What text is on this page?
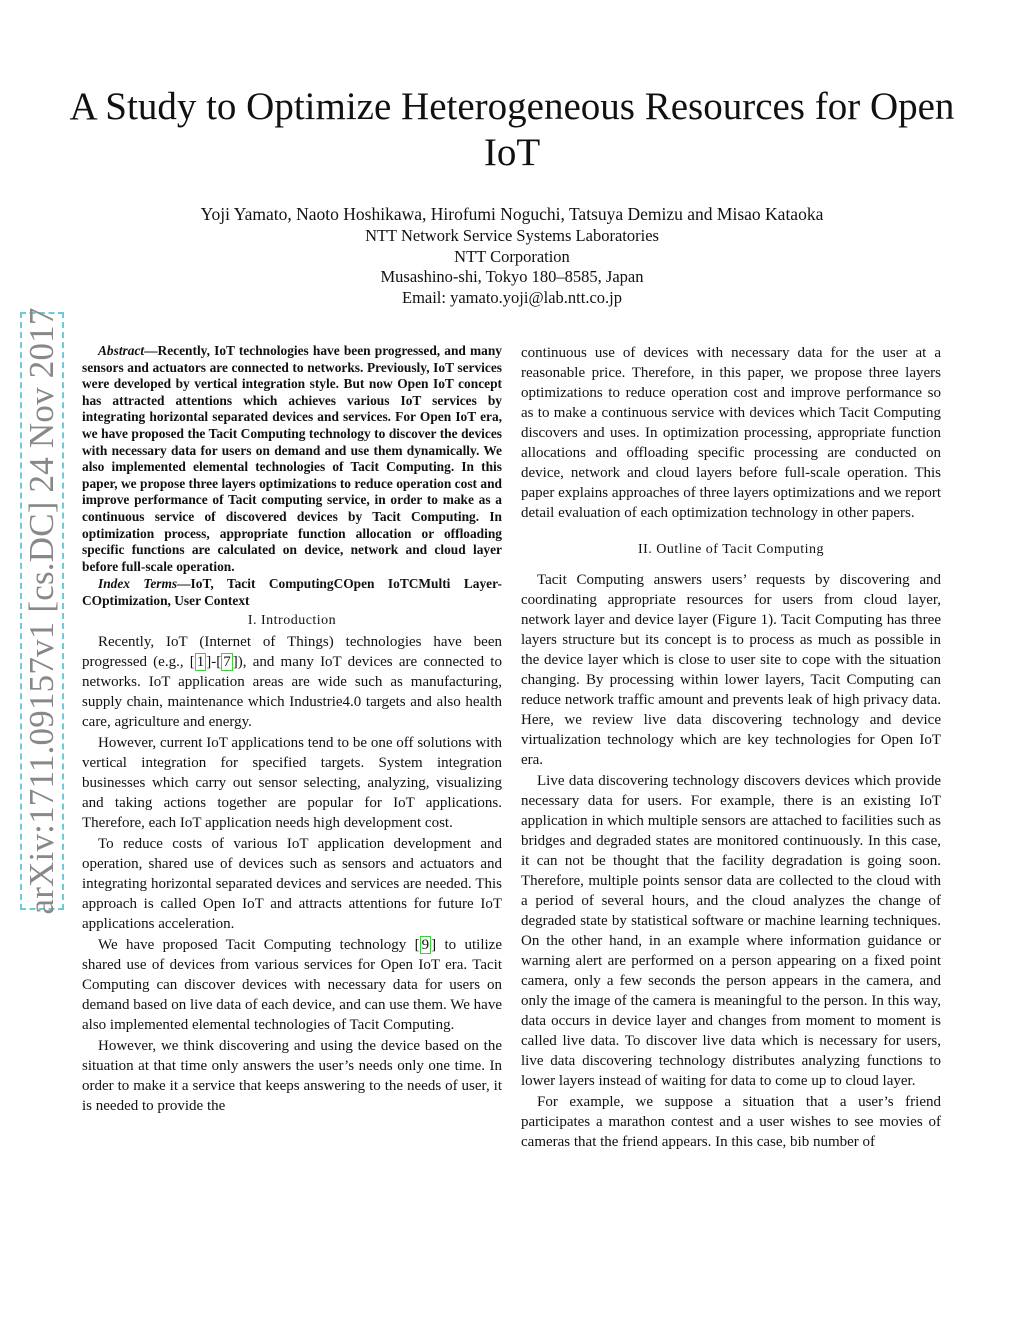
A Study to Optimize Heterogeneous Resources for Open IoT
Yoji Yamato, Naoto Hoshikawa, Hirofumi Noguchi, Tatsuya Demizu and Misao Kataoka
NTT Network Service Systems Laboratories
NTT Corporation
Musashino-shi, Tokyo 180–8585, Japan
Email: yamato.yoji@lab.ntt.co.jp
arXiv:1711.09157v1 [cs.DC] 24 Nov 2017	Abstract—Recently, IoT technologies have been progressed, and many sensors and actuators are connected to networks. Previously, IoT services were developed by vertical integration style. But now Open IoT concept has attracted attentions which achieves various IoT services by integrating horizontal separated devices and services. For Open IoT era, we have proposed the Tacit Computing technology to discover the devices with necessary data for users on demand and use them dynamically. We also implemented elemental technologies of Tacit Computing. In this paper, we propose three layers optimizations to reduce operation cost and improve performance of Tacit computing service, in order to make as a continuous service of discovered devices by Tacit Computing. In optimization process, appropriate function allocation or offloading specific functions are calculated on device, network and cloud layer before full-scale operation.

Index Terms—IoT, Tacit ComputingCOpen IoTCMulti Layer-COptimization, User Context

I. Introduction

Recently, IoT (Internet of Things) technologies have been progressed (e.g., [ 1 ]-[ 7 ]), and many IoT devices are connected to networks. IoT application areas are wide such as manufacturing, supply chain, maintenance which Industrie4.0 targets and also health care, agriculture and energy.

However, current IoT applications tend to be one off solutions with vertical integration for specified targets. System integration businesses which carry out sensor selecting, analyzing, visualizing and taking actions together are popular for IoT applications. Therefore, each IoT application needs high development cost.

To reduce costs of various IoT application development and operation, shared use of devices such as sensors and actuators and integrating horizontal separated devices and services are needed. This approach is called Open IoT and attracts attentions for future IoT applications acceleration.

We have proposed Tacit Computing technology [ 9 ] to utilize shared use of devices from various services for Open IoT era. Tacit Computing can discover devices with necessary data for users on demand based on live data of each device, and can use them. We have also implemented elemental technologies of Tacit Computing.

However, we think discovering and using the device based on the situation at that time only answers the user’s needs only one time. In order to make it a service that keeps answering to the needs of user, it is needed to provide the

continuous use of devices with necessary data for the user at a reasonable price. Therefore, in this paper, we propose three layers optimizations to reduce operation cost and improve performance so as to make a continuous service with devices which Tacit Computing discovers and uses. In optimization processing, appropriate function allocations and offloading specific processing are conducted on device, network and cloud layers before full-scale operation. This paper explains approaches of three layers optimizations and we report detail evaluation of each optimization technology in other papers.

II. Outline of Tacit Computing

Tacit Computing answers users’ requests by discovering and coordinating appropriate resources for users from cloud layer, network layer and device layer (Figure 1). Tacit Computing has three layers structure but its concept is to process as much as possible in the device layer which is close to user site to cope with the situation changing. By processing within lower layers, Tacit Computing can reduce network traffic amount and prevents leak of high privacy data. Here, we review live data discovering technology and device virtualization technology which are key technologies for Open IoT era.

Live data discovering technology discovers devices which provide necessary data for users. For example, there is an existing IoT application in which multiple sensors are attached to facilities such as bridges and degraded states are monitored continuously. In this case, it can not be thought that the facility degradation is going soon. Therefore, multiple points sensor data are collected to the cloud with a period of several hours, and the cloud analyzes the change of degraded state by statistical software or machine learning techniques. On the other hand, in an example where information guidance or warning alert are performed on a person appearing on a fixed point camera, only a few seconds the person appears in the camera, and only the image of the camera is meaningful to the person. In this way, data occurs in device layer and changes from moment to moment is called live data. To discover live data which is necessary for users, live data discovering technology distributes analyzing functions to lower layers instead of waiting for data to come up to cloud layer.

For example, we suppose a situation that a user’s friend participates a marathon contest and a user wishes to see movies of cameras that the friend appears. In this case, bib number of
